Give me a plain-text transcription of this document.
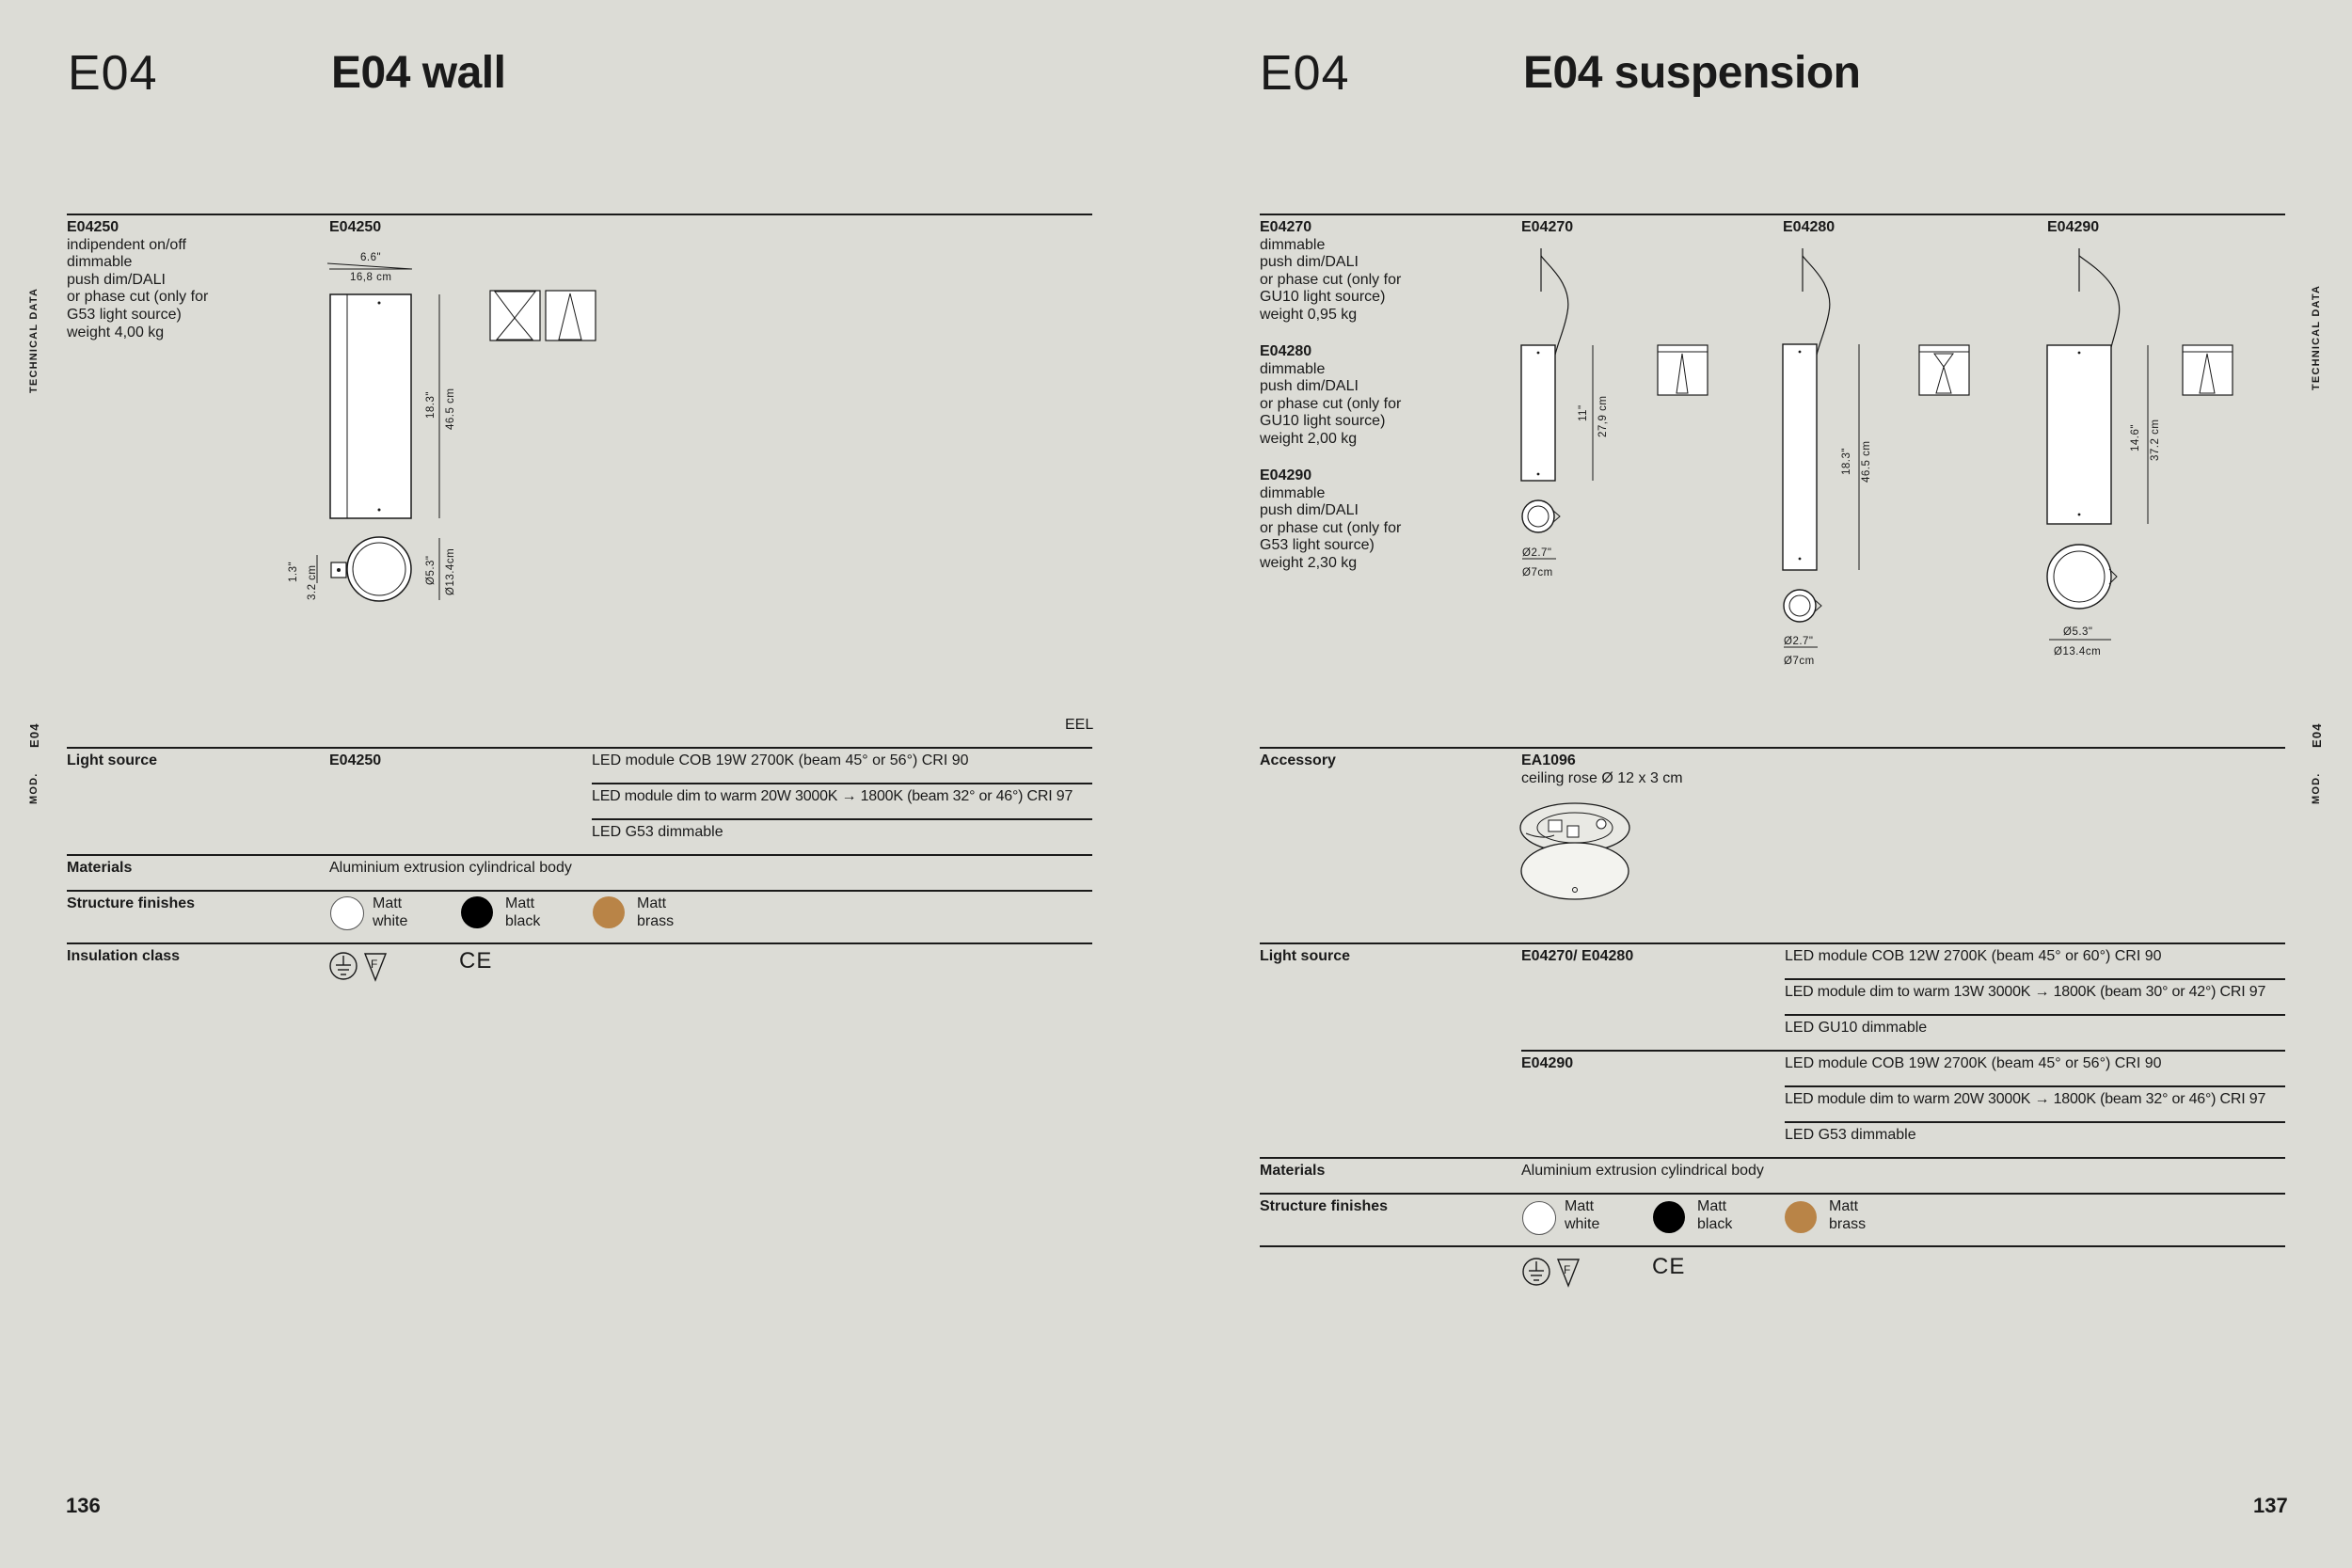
E04	E04 wall
TECHNICAL DATA
E04
MOD.
E04250
indipendent on/off
dimmable
push dim/DALI
or phase cut (only for
G53 light source)
weight 4,00 kg
E04250
6.6"
16,8 cm
18.3" 46.5 cm
1.3" 3.2 cm	Ø5.3" Ø13.4cm
EEL
Light source	E04250	LED module COB 19W 2700K (beam 45° or 56°) CRI 90
LED module dim to warm 20W 3000K → 1800K (beam 32° or 46°) CRI 97
LED G53 dimmable
Materials	Aluminium extrusion cylindrical body
Structure finishes	Matt
white
Matt
black
Matt
brass
Insulation class	F	CE
136
E04	E04 suspension
TECHNICAL DATA
E04
MOD.
E04270
dimmable
push dim/DALI
or phase cut (only for
GU10 light source)
weight 0,95 kg
E04280
dimmable
push dim/DALI
or phase cut (only for
GU10 light source)
weight 2,00 kg
E04290
dimmable
push dim/DALI
or phase cut (only for
G53 light source)
weight 2,30 kg
E04270
11" 27,9 cm
Ø2.7"
Ø7cm
E04280
18.3" 46.5 cm
Ø2.7"
Ø7cm
E04290
14.6" 37.2 cm
Ø5.3"
Ø13.4cm
Accessory	EA1096
ceiling rose Ø 12 x 3 cm
Light source	E04270/ E04280	LED module COB 12W 2700K (beam 45° or 60°) CRI 90
LED module dim to warm 13W 3000K → 1800K (beam 30° or 42°) CRI 97
LED GU10 dimmable
E04290	LED module COB 19W 2700K (beam 45° or 56°) CRI 90
LED module dim to warm 20W 3000K → 1800K (beam 32° or 46°) CRI 97
LED G53 dimmable
Materials	Aluminium extrusion cylindrical body
Structure finishes	Matt
white
Matt
black
Matt
brass
F	CE
137
